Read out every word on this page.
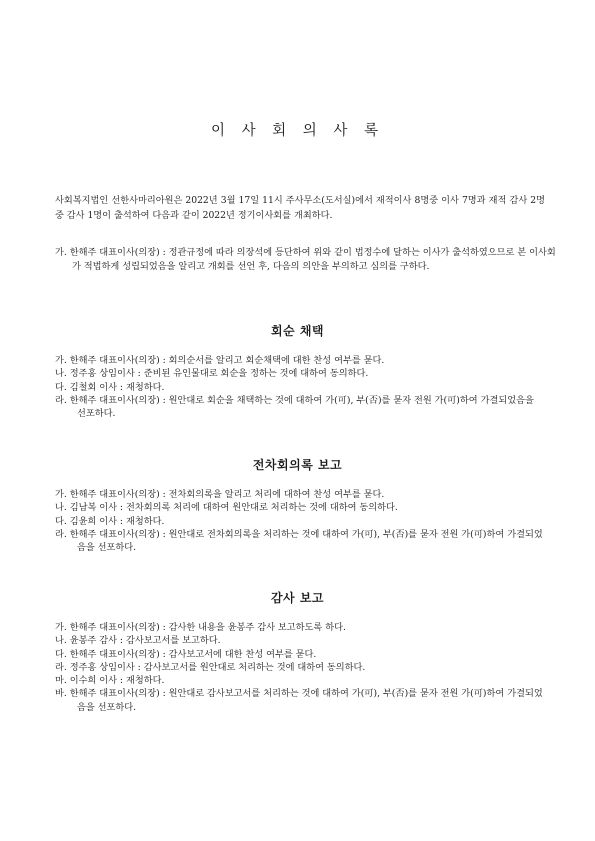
이 사 회 의 사 록
사회복지법인 선한사마리아원은 2022년 3월 17일 11시 주사무소(도서실)에서 재적이사 8명중 이사 7명과 재적 감사 2명중 감사 1명이 출석하여 다음과 같이 2022년 정기이사회를 개최하다.
가. 한해주 대표이사(의장) : 정관규정에 따라 의장석에 등단하여 위와 같이 법정수에 달하는 이사가 출석하였으므로 본 이사회가 적법하게 성립되었음을 알리고 개회를 선언 후, 다음의 의안을 부의하고 심의를 구하다.
회순 채택
가. 한해주 대표이사(의장) : 회의순서를 알리고 회순채택에 대한 찬성 여부를 묻다.
나. 정주홍 상임이사 : 준비된 유인물대로 회순을 정하는 것에 대하여 동의하다.
다. 김철회 이사 : 재청하다.
라. 한해주 대표이사(의장) : 원안대로 회순을 채택하는 것에 대하여 가(可), 부(否)를 묻자 전원 가(可)하여 가결되었음을 선포하다.
전차회의록 보고
가. 한해주 대표이사(의장) : 전차회의록을 알리고 처리에 대하여 찬성 여부를 묻다.
나. 김남복 이사 : 전차회의록 처리에 대하여 원안대로 처리하는 것에 대하여 동의하다.
다. 김윤희 이사 : 재청하다.
라. 한해주 대표이사(의장) : 원안대로 전차회의록을 처리하는 것에 대하여 가(可), 부(否)를 묻자 전원 가(可)하여 가결되었음을 선포하다.
감사 보고
가. 한해주 대표이사(의장) : 감사한 내용을 윤봉주 감사 보고하도록 하다.
나. 윤봉주 감사 : 감사보고서를 보고하다.
다. 한해주 대표이사(의장) : 감사보고서에 대한 찬성 여부를 묻다.
라. 정주홍 상임이사 : 감사보고서를 원안대로 처리하는 것에 대하여 동의하다.
마. 이수희 이사 : 재청하다.
바. 한해주 대표이사(의장) : 원안대로 감사보고서를 처리하는 것에 대하여 가(可), 부(否)를 묻자 전원 가(可)하여 가결되었음을 선포하다.
